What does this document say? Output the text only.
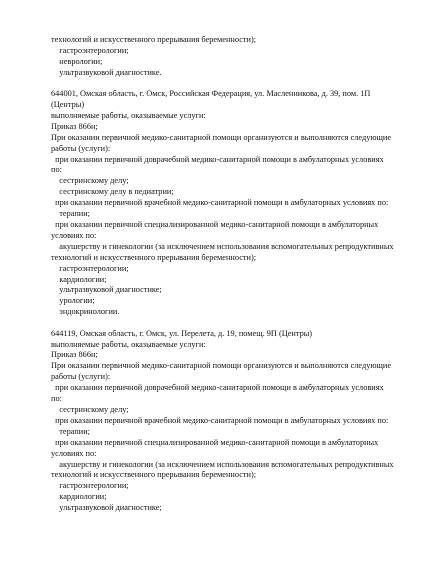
технологий и искусственного прерывания беременности);
гастроэнтерологии;
неврологии;
ультразвуковой диагностике.
644001, Омская область, г. Омск, Российская Федерация, ул. Масленникова, д. 39, пом. 1П
(Центры)
выполняемые работы, оказываемые услуги:
Приказ 866н;
При оказании первичной медико-санитарной помощи организуются и выполняются следующие
работы (услуги):
при оказании первичной доврачебной медико-санитарной помощи в амбулаторных условиях
по:
сестринскому делу;
сестринскому делу в педиатрии;
при оказании первичной врачебной медико-санитарной помощи в амбулаторных условиях по:
терапии;
при оказании первичной специализированной медико-санитарной помощи в амбулаторных
условиях по:
акушерству и гинекологии (за исключением использования вспомогательных репродуктивных
технологий и искусственного прерывания беременности);
гастроэнтерологии;
кардиологии;
ультразвуковой диагностике;
урологии;
эндокринологии.
644119, Омская область, г. Омск, ул. Перелета, д. 19, помещ. 9П (Центры)
выполняемые работы, оказываемые услуги:
Приказ 866н;
При оказании первичной медико-санитарной помощи организуются и выполняются следующие
работы (услуги):
при оказании первичной доврачебной медико-санитарной помощи в амбулаторных условиях
по:
сестринскому делу;
при оказании первичной врачебной медико-санитарной помощи в амбулаторных условиях по:
терапии;
при оказании первичной специализированной медико-санитарной помощи в амбулаторных
условиях по:
акушерству и гинекологии (за исключением использования вспомогательных репродуктивных
технологий и искусственного прерывания беременности);
гастроэнтерологии;
кардиологии;
ультразвуковой диагностике;
